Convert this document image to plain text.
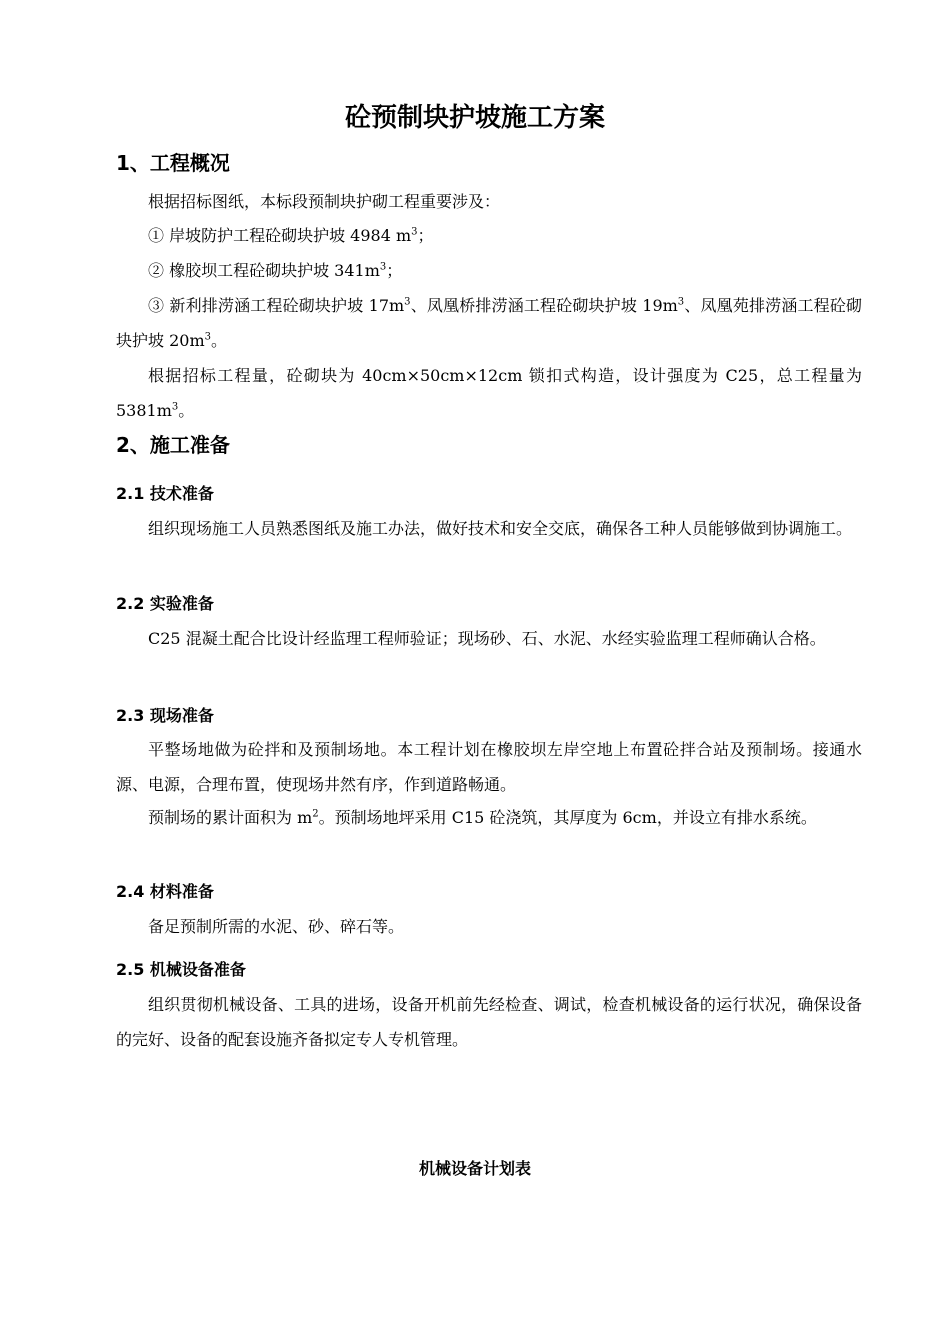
砼预制块护坡施工方案
1、工程概况

根据招标图纸，本标段预制块护砌工程重要涉及：

① 岸坡防护工程砼砌块护坡 4984 $m^3$；

② 橡胶坝工程砼砌块护坡 $341m^3$；

③ 新利排涝涵工程砼砌块护坡 $17m^3$、凤凰桥排涝涵工程砼砌块护坡 $19m^3$、凤凰苑排涝涵工程砼砌块护坡 $20m^3$。

根据招标工程量，砼砌块为 40cm×50cm×12cm 锁扣式构造，设计强度为 C25，总工程量为 $5381m^3$。

2、施工准备
2.1 技术准备

组织现场施工人员熟悉图纸及施工办法，做好技术和安全交底，确保各工种人员能够做到协调施工。

2.2 实验准备

C25 混凝土配合比设计经监理工程师验证；现场砂、石、水泥、水经实验监理工程师确认合格。

2.3 现场准备

平整场地做为砼拌和及预制场地。本工程计划在橡胶坝左岸空地上布置砼拌合站及预制场。接通水源、电源，合理布置，使现场井然有序，作到道路畅通。

预制场的累计面积为 $m^2$。预制场地坪采用 C15 砼浇筑，其厚度为 6cm，并设立有排水系统。

2.4 材料准备

备足预制所需的水泥、砂、碎石等。

2.5 机械设备准备

组织贯彻机械设备、工具的进场，设备开机前先经检查、调试，检查机械设备的运行状况，确保设备的完好、设备的配套设施齐备拟定专人专机管理。

机械设备计划表
